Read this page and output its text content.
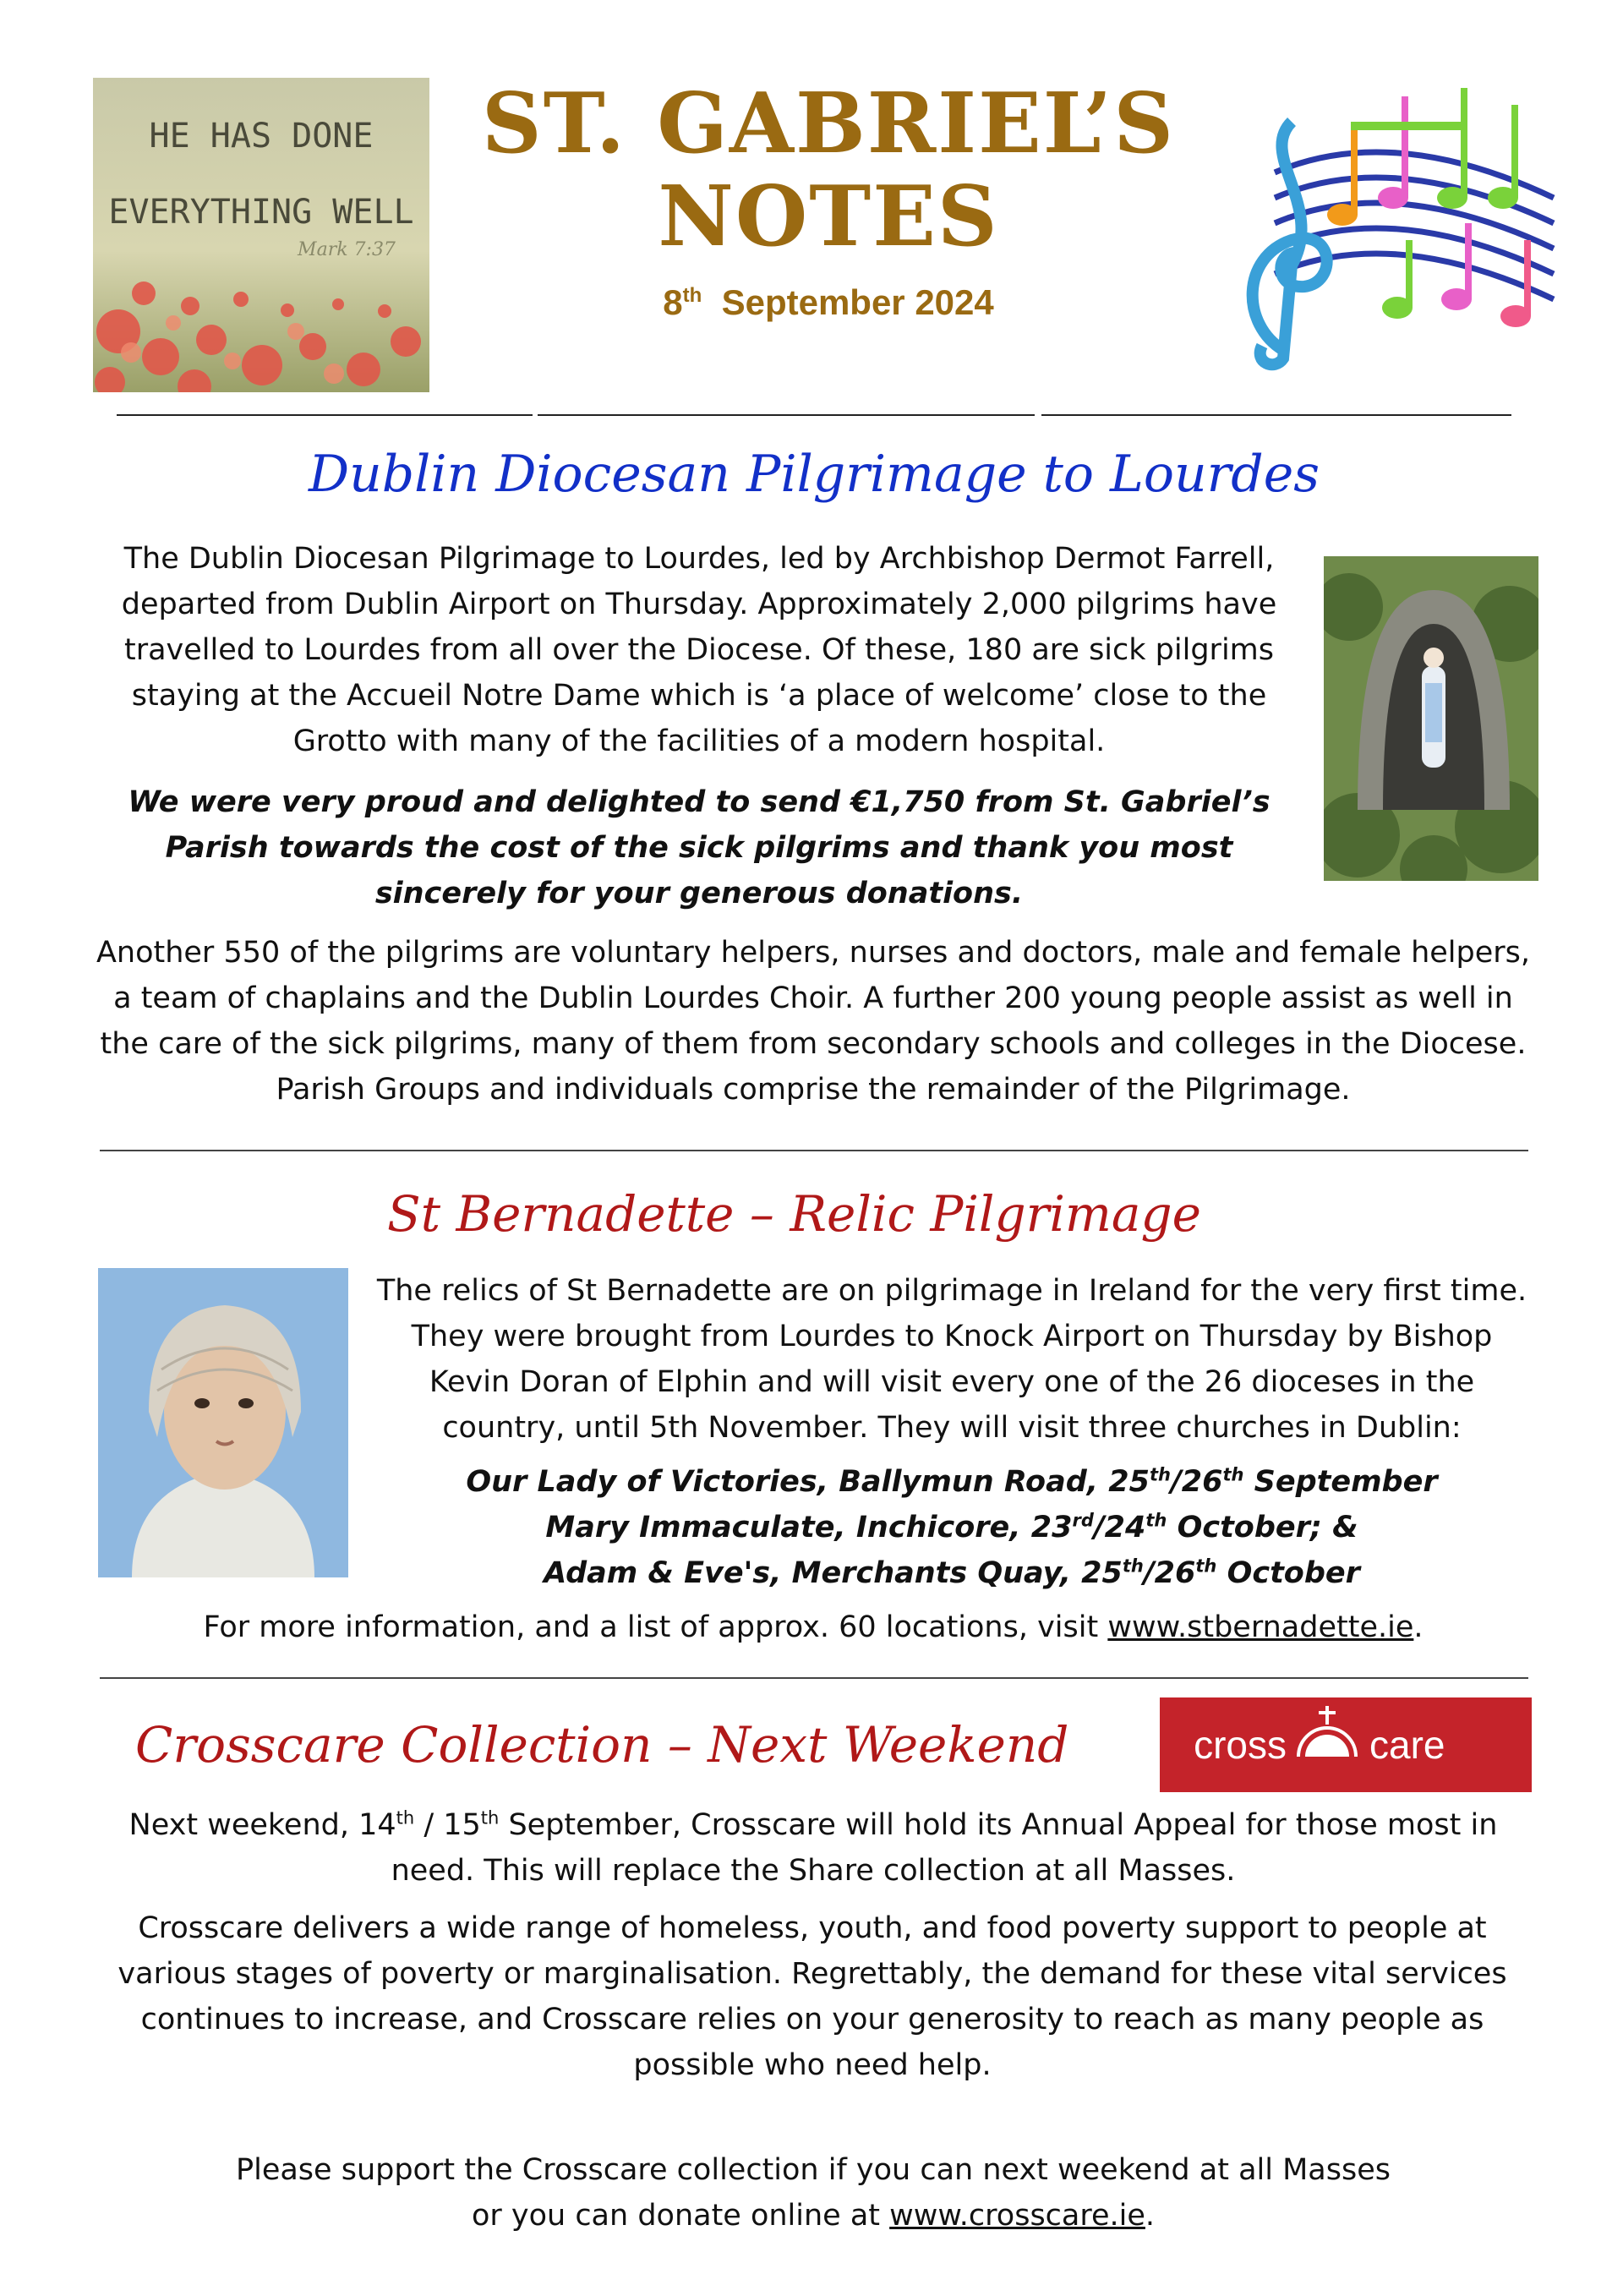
HE HAS DONE
EVERYTHING WELL
Mark 7:37
ST. GABRIEL’S
NOTES
8th September 2024
Dublin Diocesan Pilgrimage to Lourdes
The Dublin Diocesan Pilgrimage to Lourdes, led by Archbishop Dermot Farrell, departed from Dublin Airport on Thursday. Approximately 2,000 pilgrims have travelled to Lourdes from all over the Diocese. Of these, 180 are sick pilgrims staying at the Accueil Notre Dame which is ‘a place of welcome’ close to the Grotto with many of the facilities of a modern hospital.
We were very proud and delighted to send €1,750 from St. Gabriel’s Parish towards the cost of the sick pilgrims and thank you most sincerely for your generous donations.
Another 550 of the pilgrims are voluntary helpers, nurses and doctors, male and female helpers, a team of chaplains and the Dublin Lourdes Choir. A further 200 young people assist as well in the care of the sick pilgrims, many of them from secondary schools and colleges in the Diocese. Parish Groups and individuals comprise the remainder of the Pilgrimage.
St Bernadette – Relic Pilgrimage
The relics of St Bernadette are on pilgrimage in Ireland for the very first time. They were brought from Lourdes to Knock Airport on Thursday by Bishop Kevin Doran of Elphin and will visit every one of the 26 dioceses in the country, until 5th November. They will visit three churches in Dublin:
Our Lady of Victories, Ballymun Road, 25th/26th September
Mary Immaculate, Inchicore, 23rd/24th October; &
Adam & Eve's, Merchants Quay, 25th/26th October
For more information, and a list of approx. 60 locations, visit www.stbernadette.ie.
Crosscare Collection – Next Weekend	cross care
Next weekend, 14th / 15th September, Crosscare will hold its Annual Appeal for those most in need. This will replace the Share collection at all Masses.
Crosscare delivers a wide range of homeless, youth, and food poverty support to people at various stages of poverty or marginalisation. Regrettably, the demand for these vital services continues to increase, and Crosscare relies on your generosity to reach as many people as possible who need help.
Please support the Crosscare collection if you can next weekend at all Masses
or you can donate online at www.crosscare.ie.
